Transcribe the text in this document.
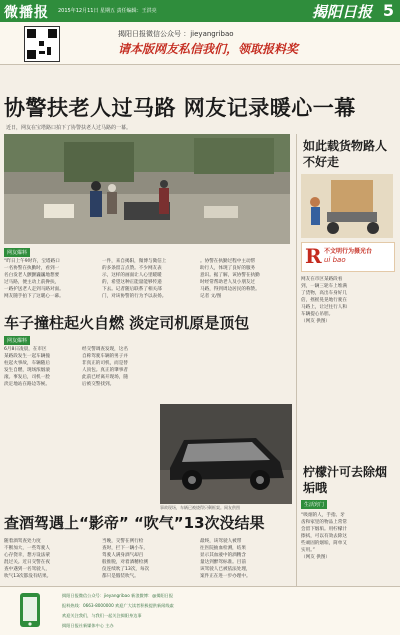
微播报 2015年12月11日 星期五 责任编辑：王洪亮	揭阳日报 5
揭阳日报微信公众号 ：jieyangribao
请本版网友私信我们，领取报料奖
协警扶老人过马路 网友记录暖心一幕
近日，网友在宝塔路口拍下了协警扶老人过马路的一幕。
网友爆料
“昨日上午9时许，宝塔路口
一名协警在执勤时，看到一
名白发老人颤颤巍巍地想要
过马路，便主动上前搀扶，
一路护送老人走到马路对面。
网友随手拍下了这暖心一幕。
一件，来自揭阳，微博与微信上
的多条留言点赞。不少网友表
示，这样的画面让人心里暖暖
的，希望这种正能量能够传递
下去。记者随后联系了相关部
门，对该协警的行为予以表扬。
。协警在执勤过程中主动帮
助行人，体现了良好的服务
意识。据了解，该协警在执勤
时经常帮助老人及小朋友过
马路，得到周边居民的称赞。
记者 文/图
车子撞柱起火自燃 淡定司机原是顶包
网友爆料
6月8日凌晨，在市区
某路段发生一起车辆撞
柱起火事故，车辆随后
发生自燃，现场浓烟滚
滚。事发后，司机一脸
淡定地站在路边等候。
经交警调查发现，这名
自称驾驶车辆的男子并
非真正的司机，而是替
人顶包。真正的肇事者
此前已经离开现场，随
后被交警找到。
事故现场，车辆已被烧得只剩框架。网友供图
查酒驾遇上“影帝” “吹气”13次没结果
随着酒驾查处力度
不断加大，一些驾驶人
心存侥幸，想方设法蒙
混过关。近日交警在夜
查中遇到一名驾驶人，
吹气13次都没有结果。
当晚，交警在例行检
查时，拦下一辆小车，
驾驶人满身酒气却百
般推脱，对着酒精检测
仪连续吹了13次，每次
都只是假装吹气。
最终，该驾驶人被带
往医院抽血检测，结果
显示其血液中的酒精含
量达到醉驾标准。目前
该驾驶人已被依法处理，
案件正在进一步办理中。
如此载货物路人不好走
R 不文明行为摄光台
ui bao
网友在市区某路段看
到，一辆三轮车上堆满
了货物，高出车身好几
倍，摇摇晃晃地行驶在
马路上，让过往行人和
车辆提心吊胆。
（网友 供图）
柠檬汁可去除烟垢哦
生活窍门
“吸烟的人，手指、牙
齿和家里的物品上常常
会留下烟垢。用柠檬汁
擦拭，可以有效去除这
些顽固的烟垢，简单又
实用。”
（网友 供图）
揭阳日报微信公众号：jieyangribao 新浪微博：@揭阳日报
报料热线：0663-8000000 欢迎广大读者积极提供新闻线索
欢迎关注我们，与我们一起关注揭阳身边事
揭阳日报社新媒体中心 主办
